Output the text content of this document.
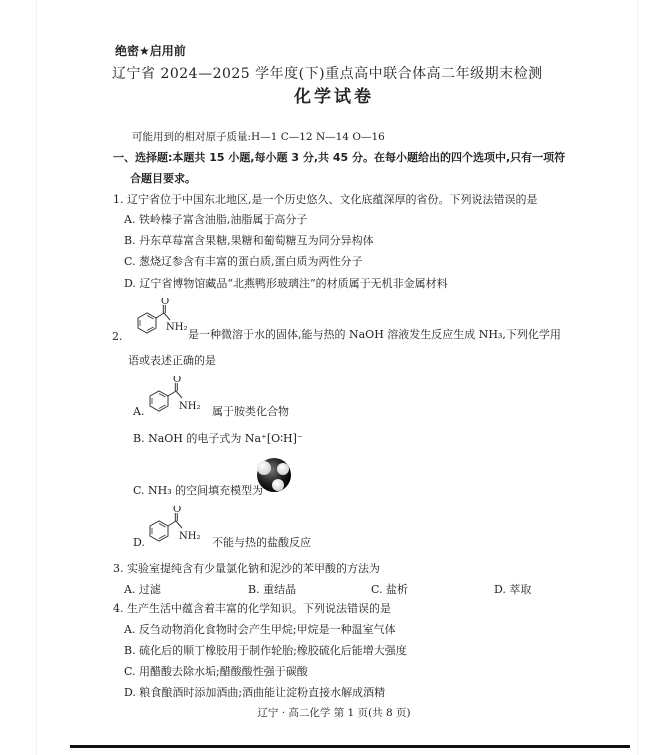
绝密★启用前
辽宁省 2024—2025 学年度(下)重点高中联合体高二年级期末检测
化学试卷
可能用到的相对原子质量:H—1 C—12 N—14 O—16
一、选择题:本题共 15 小题,每小题 3 分,共 45 分。在每小题给出的四个选项中,只有一项符
合题目要求。
1. 辽宁省位于中国东北地区,是一个历史悠久、文化底蕴深厚的省份。下列说法错误的是
A. 铁岭榛子富含油脂,油脂属于高分子
B. 丹东草莓富含果糖,果糖和葡萄糖互为同分异构体
C. 葱烧辽参含有丰富的蛋白质,蛋白质为两性分子
D. 辽宁省博物馆藏品“北燕鸭形玻璃注”的材质属于无机非金属材料
2.
O
NH₂
是一种微溶于水的固体,能与热的 NaOH 溶液发生反应生成 NH₃,下列化学用
语或表述正确的是
A.
O
NH₂ 属于胺类化合物
B. NaOH 的电子式为 Na⁺[O∶H]⁻
C. NH₃ 的空间填充模型为
D.
O
NH₂ 不能与热的盐酸反应
3. 实验室提纯含有少量氯化钠和泥沙的苯甲酸的方法为
A. 过滤	B. 重结晶	C. 盐析	D. 萃取
4. 生产生活中蕴含着丰富的化学知识。下列说法错误的是
A. 反刍动物消化食物时会产生甲烷;甲烷是一种温室气体
B. 硫化后的顺丁橡胶用于制作轮胎;橡胶硫化后能增大强度
C. 用醋酸去除水垢;醋酸酸性强于碳酸
D. 粮食酿酒时添加酒曲;酒曲能让淀粉直接水解成酒精
辽宁 · 高二化学 第 1 页(共 8 页)
